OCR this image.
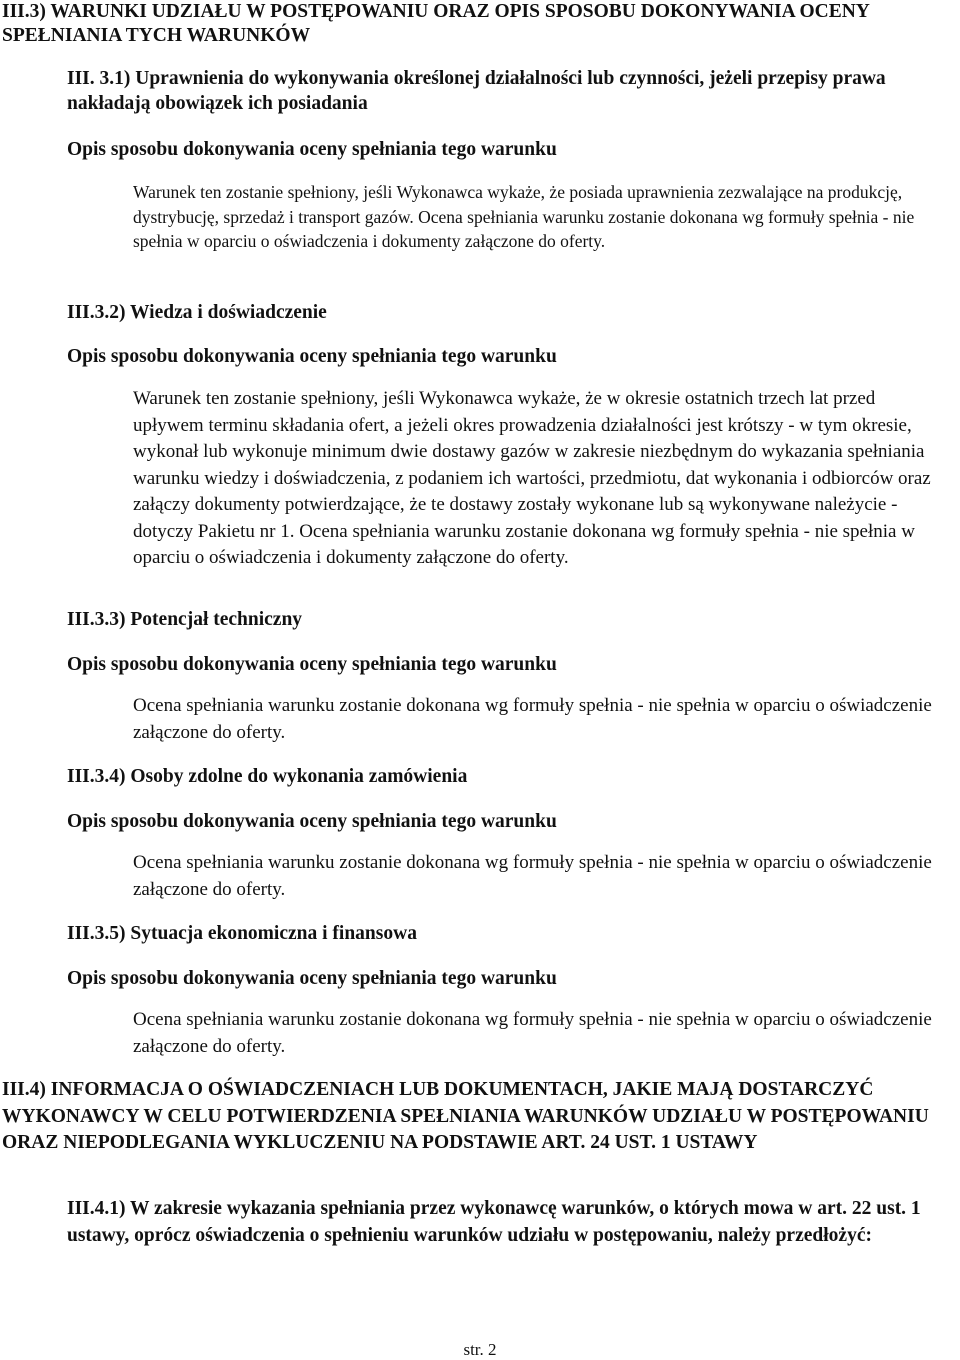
III.3) WARUNKI UDZIAŁU W POSTĘPOWANIU ORAZ OPIS SPOSOBU DOKONYWANIA OCENY SPEŁNIANIA TYCH WARUNKÓW
III. 3.1) Uprawnienia do wykonywania określonej działalności lub czynności, jeżeli przepisy prawa nakładają obowiązek ich posiadania
Opis sposobu dokonywania oceny spełniania tego warunku
Warunek ten zostanie spełniony, jeśli Wykonawca wykaże, że posiada uprawnienia zezwalające na produkcję, dystrybucję, sprzedaż i transport gazów. Ocena spełniania warunku zostanie dokonana wg formuły spełnia - nie spełnia w oparciu o oświadczenia i dokumenty załączone do oferty.
III.3.2) Wiedza i doświadczenie
Opis sposobu dokonywania oceny spełniania tego warunku
Warunek ten zostanie spełniony, jeśli Wykonawca wykaże, że w okresie ostatnich trzech lat przed upływem terminu składania ofert, a jeżeli okres prowadzenia działalności jest krótszy - w tym okresie, wykonał lub wykonuje minimum dwie dostawy gazów w zakresie niezbędnym do wykazania spełniania warunku wiedzy i doświadczenia, z podaniem ich wartości, przedmiotu, dat wykonania i odbiorców oraz załączy dokumenty potwierdzające, że te dostawy zostały wykonane lub są wykonywane należycie - dotyczy Pakietu nr 1. Ocena spełniania warunku zostanie dokonana wg formuły spełnia - nie spełnia w oparciu o oświadczenia i dokumenty załączone do oferty.
III.3.3) Potencjał techniczny
Opis sposobu dokonywania oceny spełniania tego warunku
Ocena spełniania warunku zostanie dokonana wg formuły spełnia - nie spełnia w oparciu o oświadczenie załączone do oferty.
III.3.4) Osoby zdolne do wykonania zamówienia
Opis sposobu dokonywania oceny spełniania tego warunku
Ocena spełniania warunku zostanie dokonana wg formuły spełnia - nie spełnia w oparciu o oświadczenie załączone do oferty.
III.3.5) Sytuacja ekonomiczna i finansowa
Opis sposobu dokonywania oceny spełniania tego warunku
Ocena spełniania warunku zostanie dokonana wg formuły spełnia - nie spełnia w oparciu o oświadczenie załączone do oferty.
III.4) INFORMACJA O OŚWIADCZENIACH LUB DOKUMENTACH, JAKIE MAJĄ DOSTARCZYĆ WYKONAWCY W CELU POTWIERDZENIA SPEŁNIANIA WARUNKÓW UDZIAŁU W POSTĘPOWANIU ORAZ NIEPODLEGANIA WYKLUCZENIU NA PODSTAWIE ART. 24 UST. 1 USTAWY
III.4.1) W zakresie wykazania spełniania przez wykonawcę warunków, o których mowa w art. 22 ust. 1 ustawy, oprócz oświadczenia o spełnieniu warunków udziału w postępowaniu, należy przedłożyć:
str. 2
